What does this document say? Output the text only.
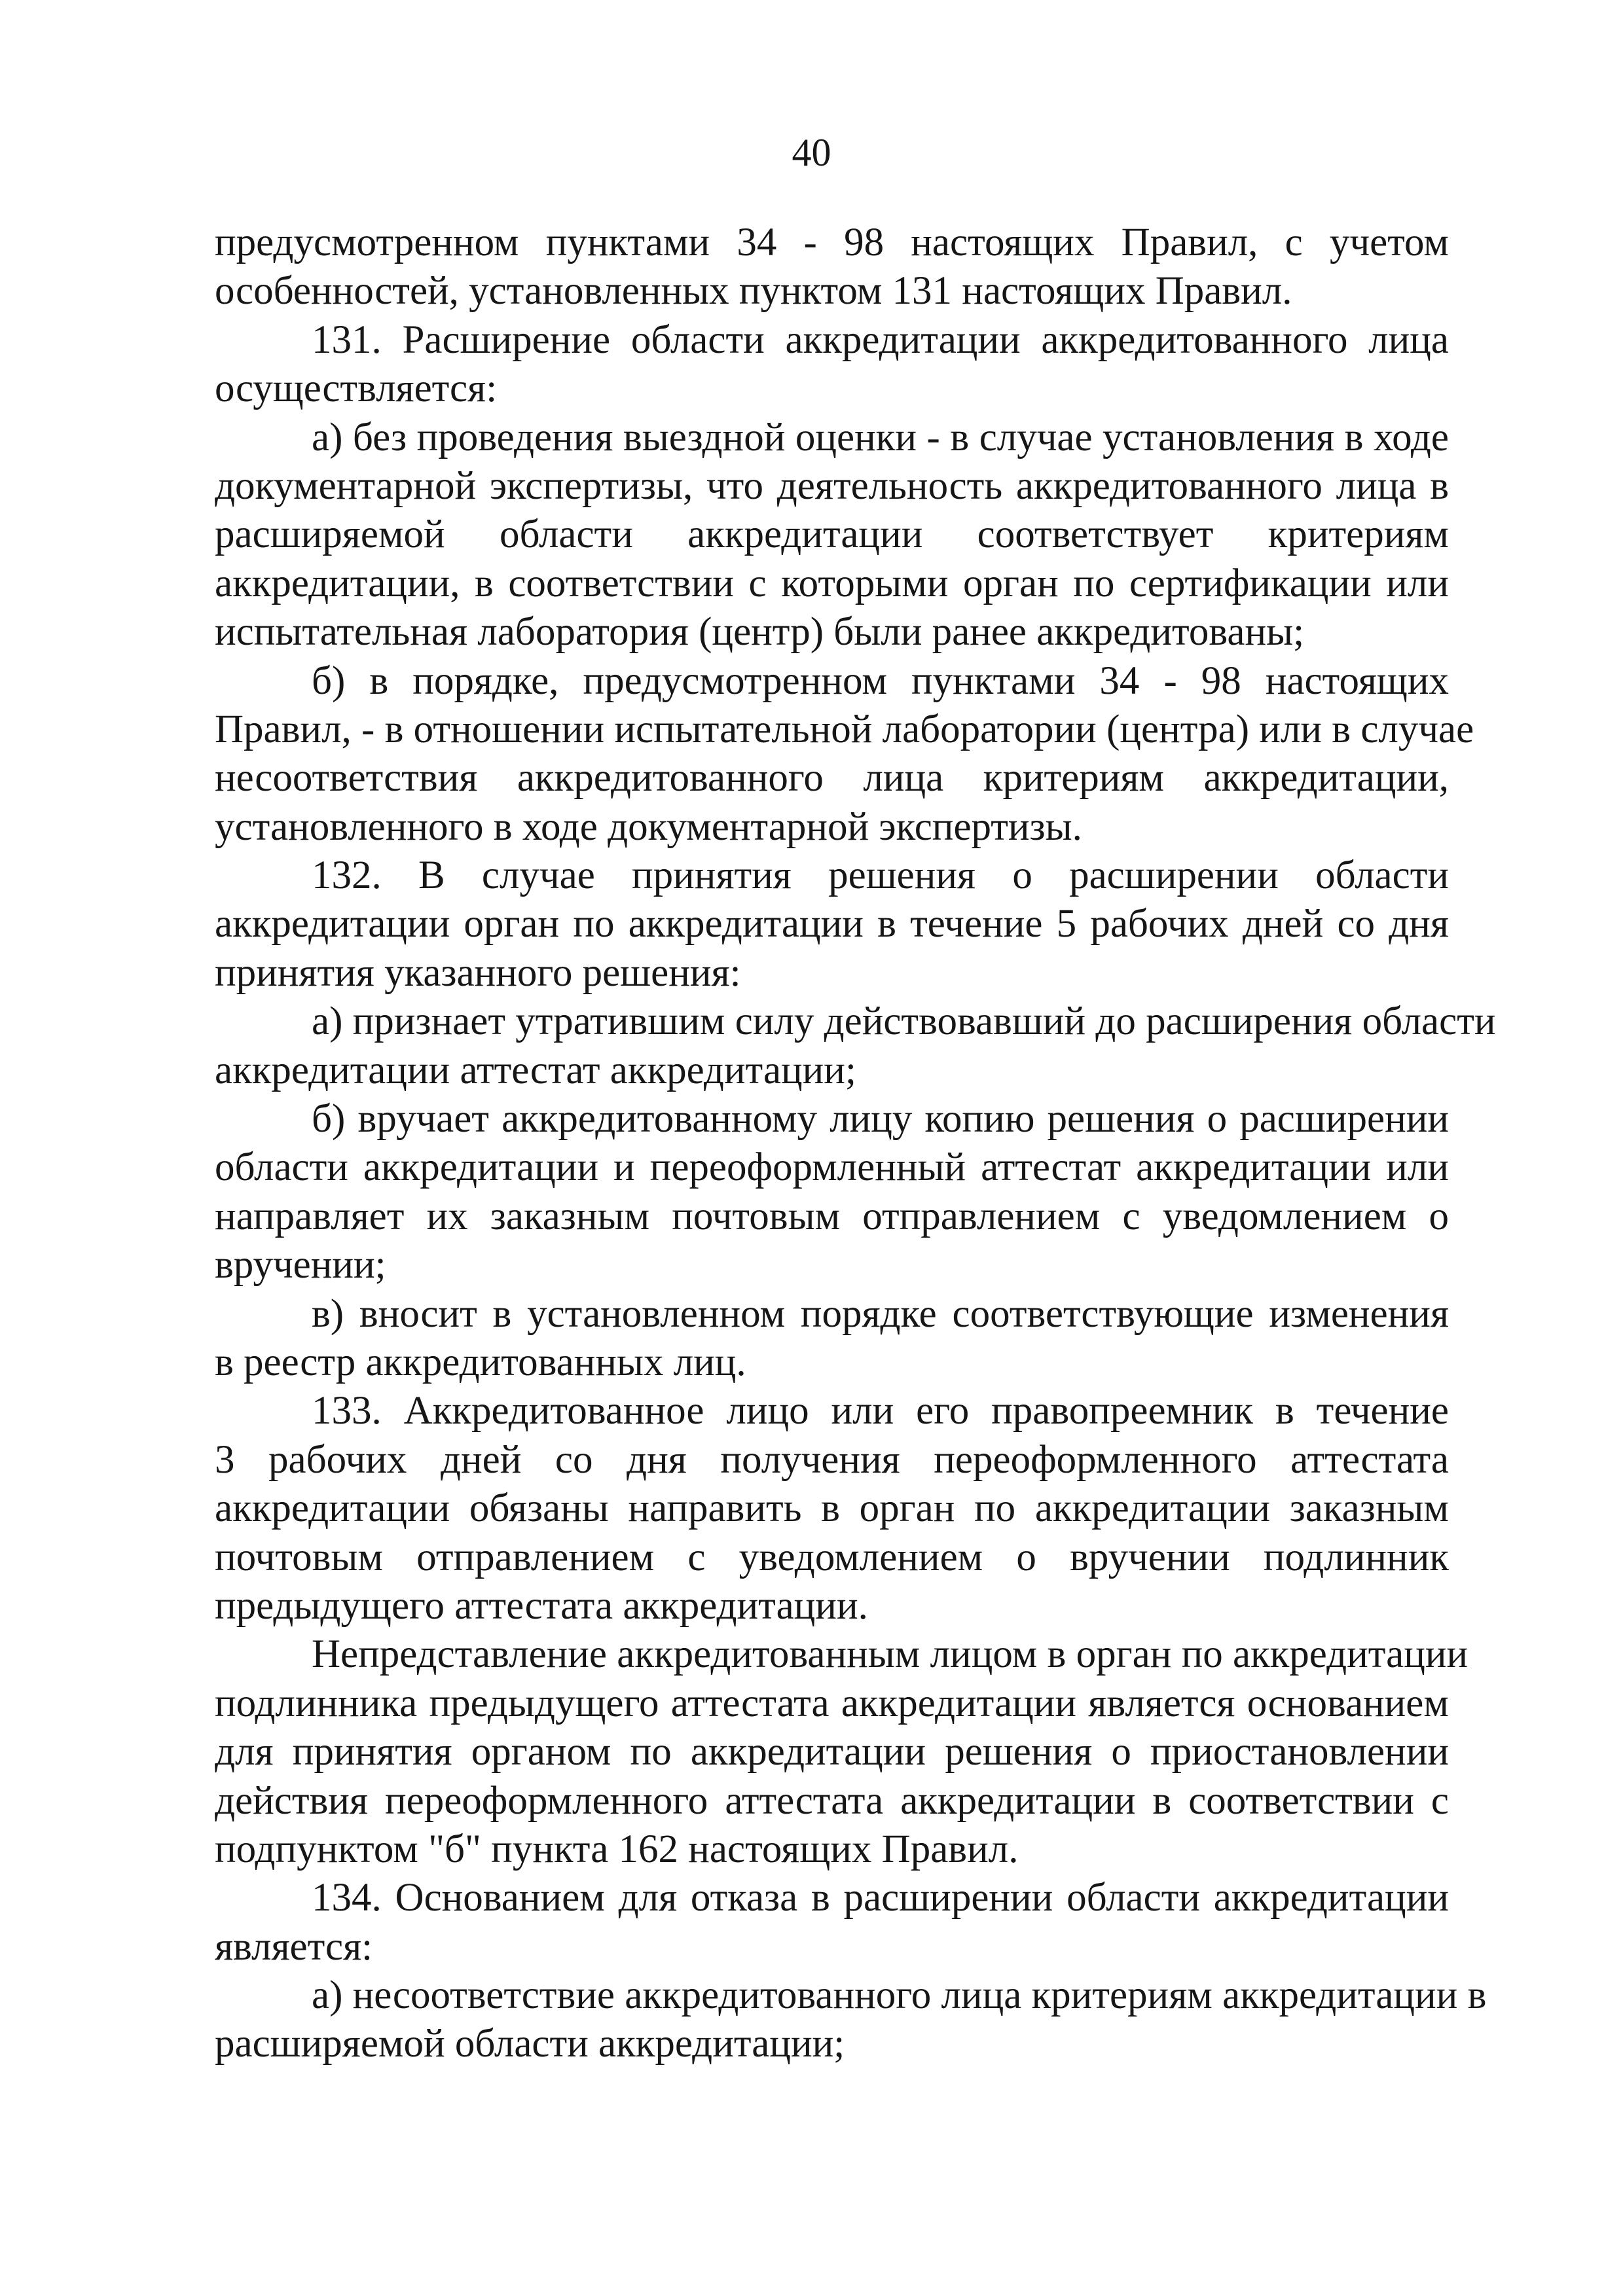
40
предусмотренном пунктами 34 - 98 настоящих Правил, с учетом
особенностей, установленных пунктом 131 настоящих Правил.
131. Расширение области аккредитации аккредитованного лица
осуществляется:
а) без проведения выездной оценки - в случае установления в ходе
документарной экспертизы, что деятельность аккредитованного лица в
расширяемой области аккредитации соответствует критериям
аккредитации, в соответствии с которыми орган по сертификации или
испытательная лаборатория (центр) были ранее аккредитованы;
б) в порядке, предусмотренном пунктами 34 - 98 настоящих
Правил, - в отношении испытательной лаборатории (центра) или в случае
несоответствия аккредитованного лица критериям аккредитации,
установленного в ходе документарной экспертизы.
132. В случае принятия решения о расширении области
аккредитации орган по аккредитации в течение 5 рабочих дней со дня
принятия указанного решения:
а) признает утратившим силу действовавший до расширения области
аккредитации аттестат аккредитации;
б) вручает аккредитованному лицу копию решения о расширении
области аккредитации и переоформленный аттестат аккредитации или
направляет их заказным почтовым отправлением с уведомлением о
вручении;
в) вносит в установленном порядке соответствующие изменения
в реестр аккредитованных лиц.
133. Аккредитованное лицо или его правопреемник в течение
3 рабочих дней со дня получения переоформленного аттестата
аккредитации обязаны направить в орган по аккредитации заказным
почтовым отправлением с уведомлением о вручении подлинник
предыдущего аттестата аккредитации.
Непредставление аккредитованным лицом в орган по аккредитации
подлинника предыдущего аттестата аккредитации является основанием
для принятия органом по аккредитации решения о приостановлении
действия переоформленного аттестата аккредитации в соответствии с
подпунктом "б" пункта 162 настоящих Правил.
134. Основанием для отказа в расширении области аккредитации
является:
а) несоответствие аккредитованного лица критериям аккредитации в
расширяемой области аккредитации;
